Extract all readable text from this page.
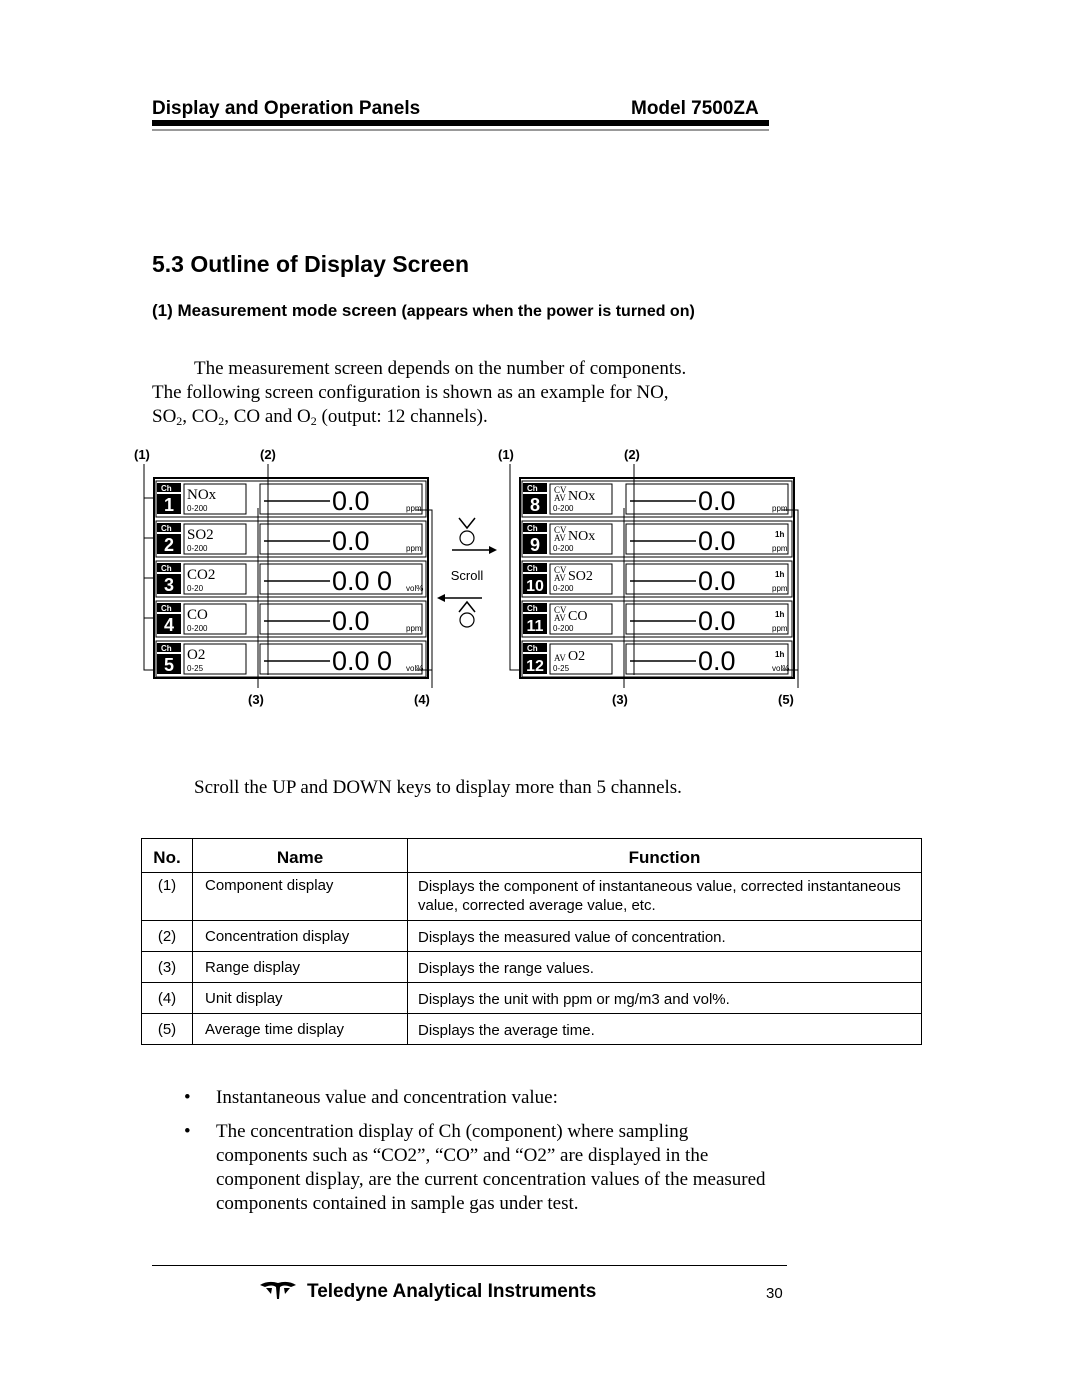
Display and Operation Panels	Model 7500ZA
5.3 Outline of Display Screen
(1) Measurement mode screen (appears when the power is turned on)
The measurement screen depends on the number of components.
The following screen configuration is shown as an example for NO,
$SO_2$, $CO_2$, CO and $O_2$ (output: 12 channels).
Ch
1 NOx
0-200	0.0	ppm
Ch
2 SO2
0-200	0.0	ppm
Ch
3 CO2
0-20	0.0 0 vol%
Ch
4 CO
0-200	0.0	ppm
Ch
5 O2
0-25	0.0 0 vol%
Ch
8
CV
AV NOx
0-200	0.0	ppm
Ch
9
CV
AV NOx
0-200	0.0	1h
ppm
Ch
10
CV
AV SO2
0-200	0.0	1h
ppm
Ch
11
CV
AV CO
0-200	0.0	1h
ppm
Ch
12 AV O2
0-25	0.0	1h
vol%
(1)	(2)	(1)	(2)
(3)	(4)	(3)	(5)
Scroll
Scroll the UP and DOWN keys to display more than 5 channels.
No.	Name	Function
(1)	Component display	Displays the component of instantaneous value, corrected instantaneous value, corrected average value, etc.
(2)	Concentration display	Displays the measured value of concentration.
(3)	Range display	Displays the range values.
(4)	Unit display	Displays the unit with ppm or mg/m3 and vol%.
(5)	Average time display	Displays the average time.
• Instantaneous value and concentration value:
• The concentration display of Ch (component) where sampling components such as “CO2”, “CO” and “O2” are displayed in the component display, are the current concentration values of the measured components contained in sample gas under test.
Teledyne Analytical Instruments	30
